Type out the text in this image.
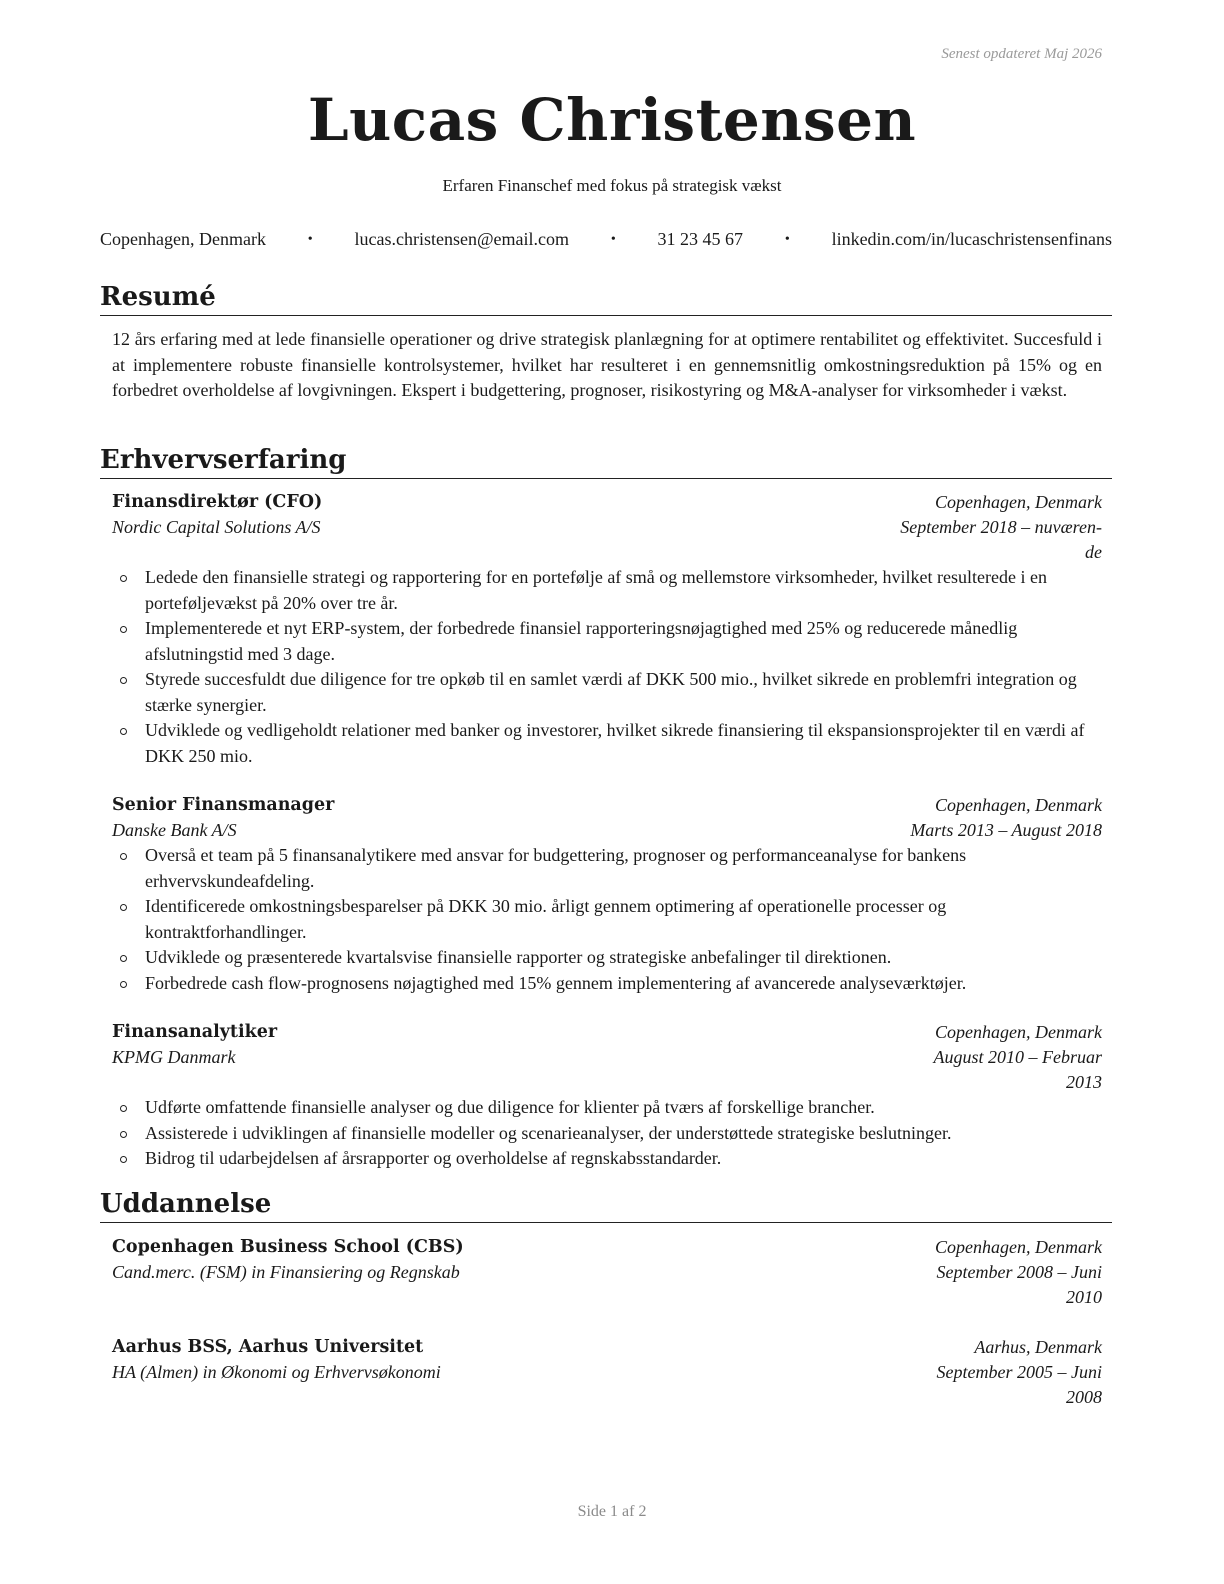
Senest opdateret Maj 2026
Lucas Christensen
Erfaren Finanschef med fokus på strategisk vækst
Copenhagen, Denmark	• lucas.christensen@email.com	• 31 23 45 67	• linkedin.com/in/lucaschristensenfinans
Resumé

12 års erfaring med at lede finansielle operationer og drive strategisk planlægning for at optimere rentabilitet og effektivitet. Succesfuld i at implementere robuste finansielle kontrolsystemer, hvilket har resulteret i en gennemsnitlig omkostningsreduktion på 15% og en forbedret overholdelse af lovgivningen. Ekspert i budgettering, prognoser, risikostyring og M&A-analyser for virksomheder i vækst.

Erhvervserfaring
Finansdirektør (CFO)	Copenhagen, Denmark
Nordic Capital Solutions A/S	September 2018 – nuværen-
de
Ledede den finansielle strategi og rapportering for en portefølje af små og mellemstore virksomheder, hvilket resulterede i en porteføljevækst på 20% over tre år.
Implementerede et nyt ERP-system, der forbedrede finansiel rapporteringsnøjagtighed med 25% og reducerede månedlig afslutningstid med 3 dage.
Styrede succesfuldt due diligence for tre opkøb til en samlet værdi af DKK 500 mio., hvilket sikrede en problemfri integration og stærke synergier.
Udviklede og vedligeholdt relationer med banker og investorer, hvilket sikrede finansiering til ekspansionsprojekter til en værdi af DKK 250 mio.
Senior Finansmanager	Copenhagen, Denmark
Danske Bank A/S	Marts 2013 – August 2018
Overså et team på 5 finansanalytikere med ansvar for budgettering, prognoser og performanceanalyse for bankens erhvervskundeafdeling.
Identificerede omkostningsbesparelser på DKK 30 mio. årligt gennem optimering af operationelle processer og kontraktforhandlinger.
Udviklede og præsenterede kvartalsvise finansielle rapporter og strategiske anbefalinger til direktionen.
Forbedrede cash flow-prognosens nøjagtighed med 15% gennem implementering af avancerede analyseværktøjer.
Finansanalytiker	Copenhagen, Denmark
KPMG Danmark	August 2010 – Februar
2013
Udførte omfattende finansielle analyser og due diligence for klienter på tværs af forskellige brancher.
Assisterede i udviklingen af finansielle modeller og scenarieanalyser, der understøttede strategiske beslutninger.
Bidrog til udarbejdelsen af årsrapporter og overholdelse af regnskabsstandarder.
Uddannelse
Copenhagen Business School (CBS)	Copenhagen, Denmark
Cand.merc. (FSM) in Finansiering og Regnskab	September 2008 – Juni
2010
Aarhus BSS, Aarhus Universitet	Aarhus, Denmark
HA (Almen) in Økonomi og Erhvervsøkonomi	September 2005 – Juni
2008
Side 1 af 2
